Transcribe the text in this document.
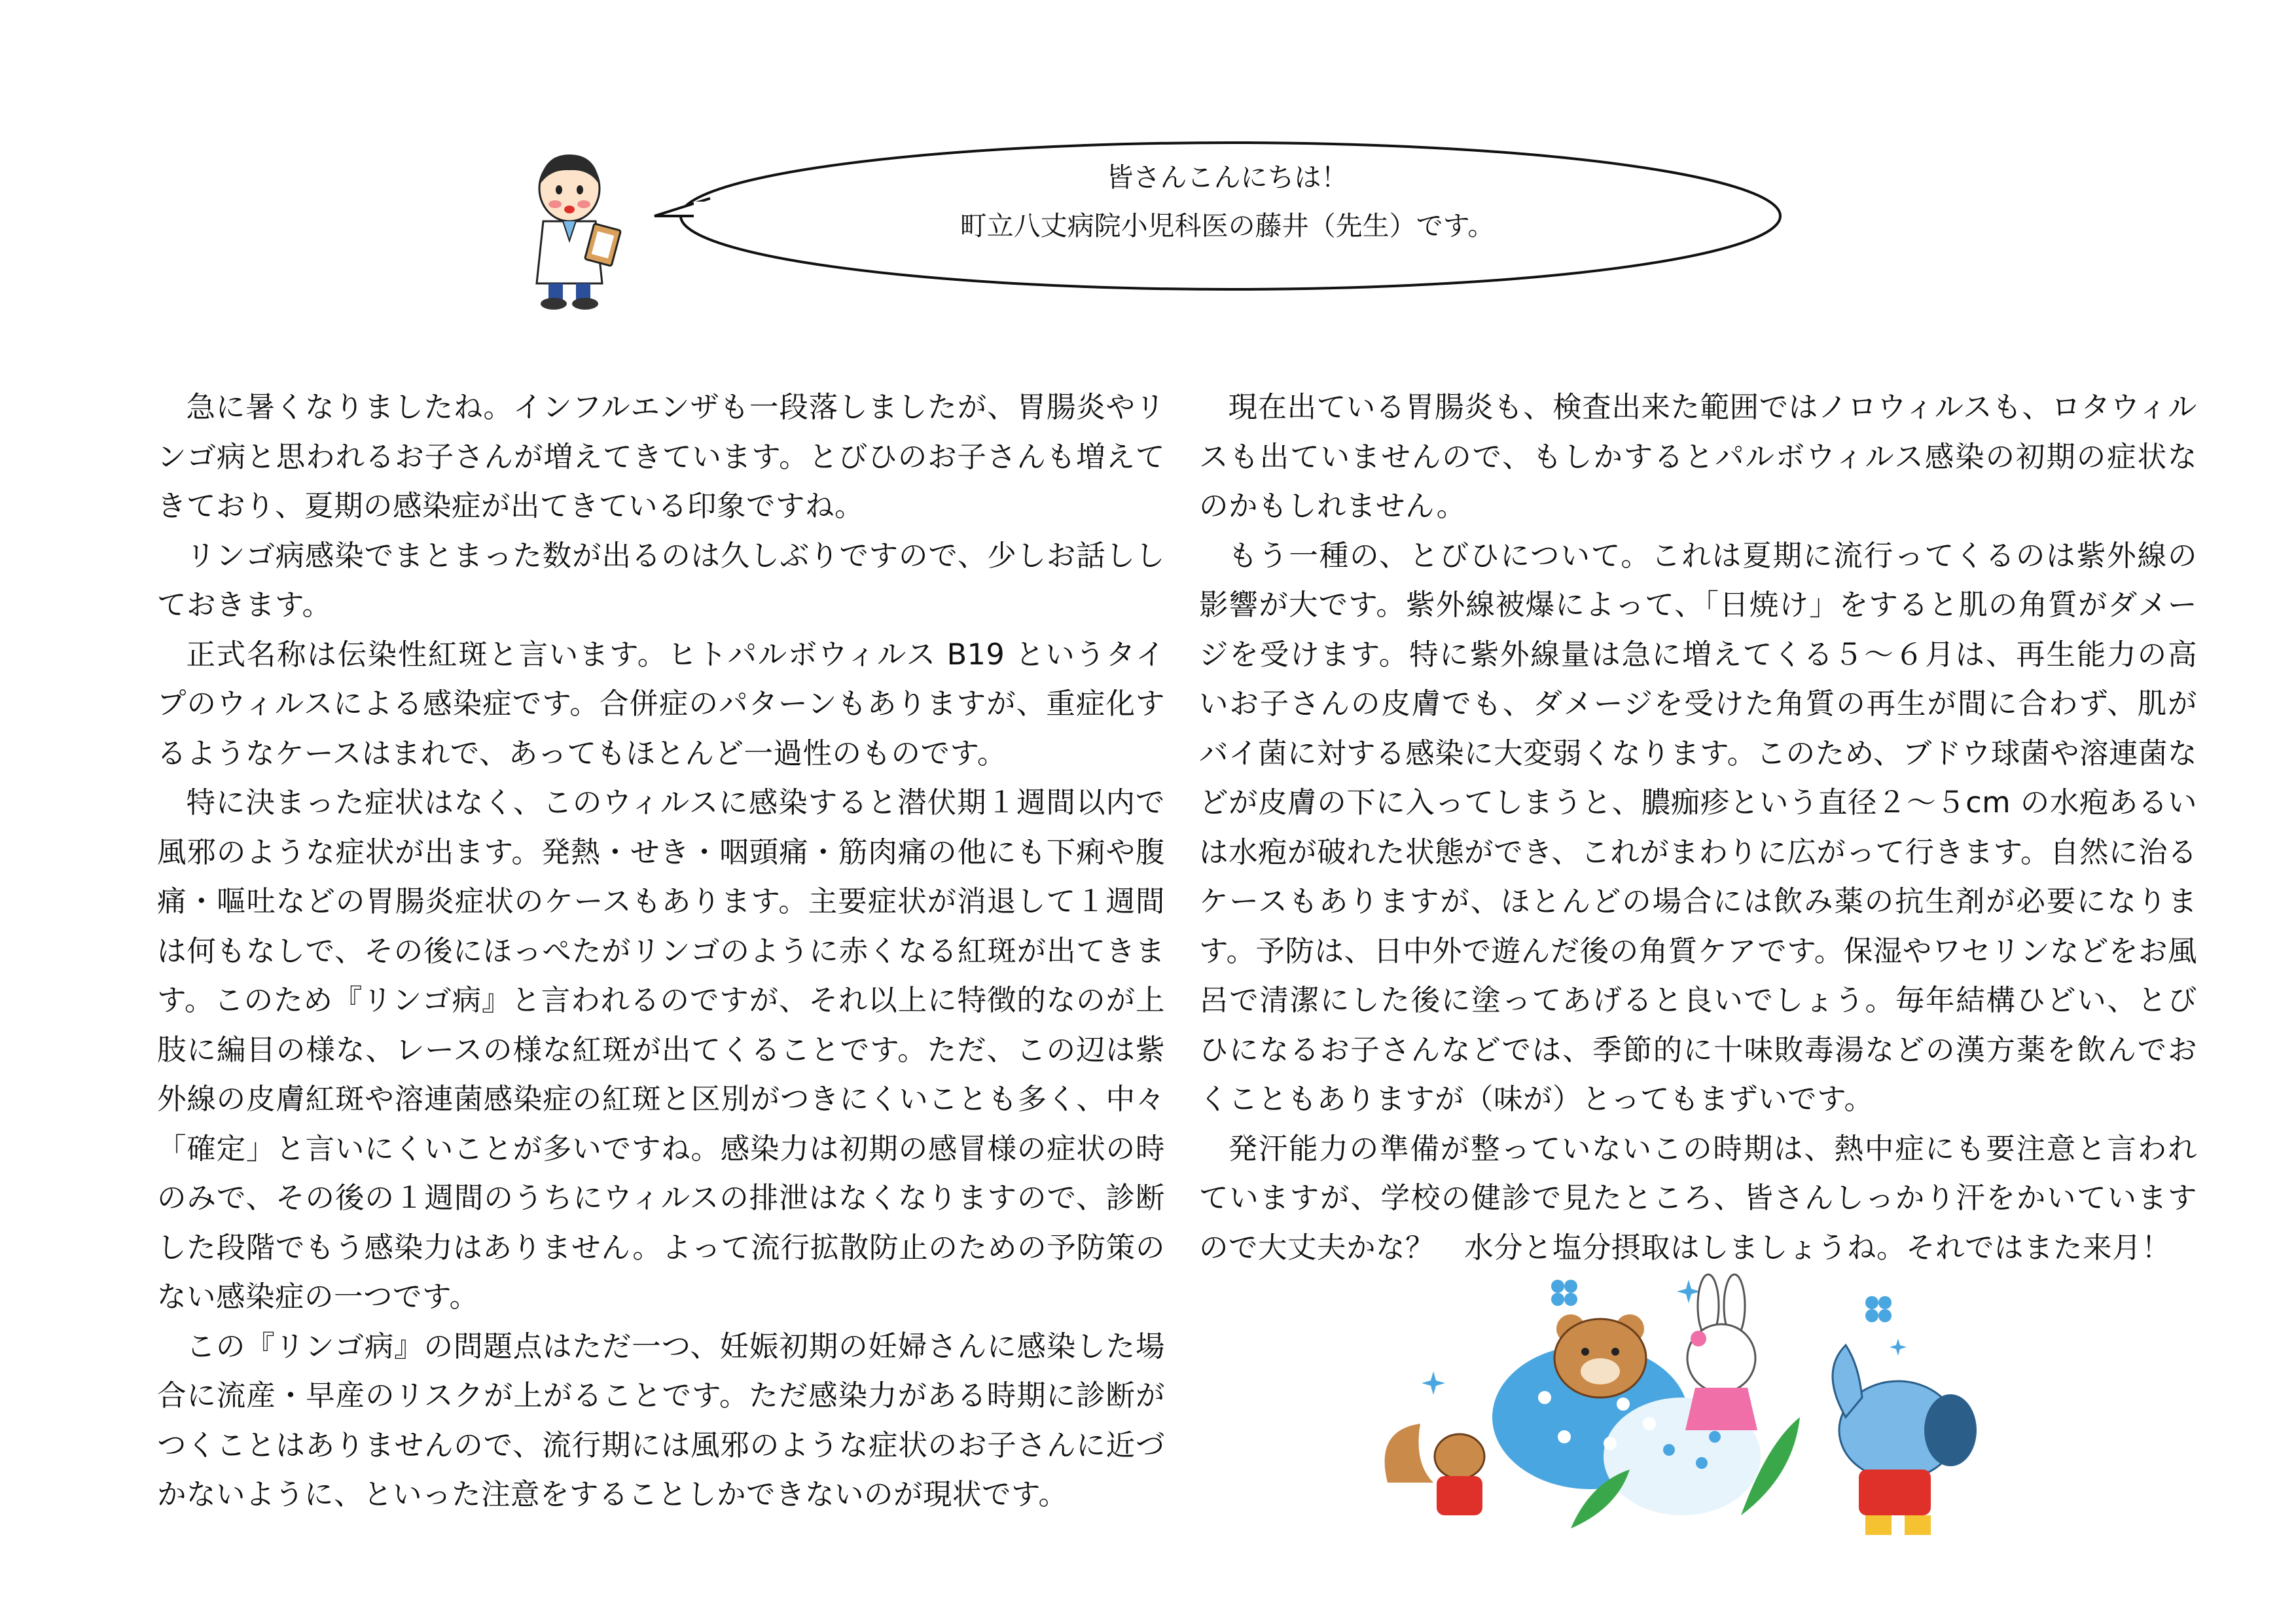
皆さんこんにちは！
町立八丈病院小児科医の藤井（先生）です。

急に暑くなりましたね。インフルエンザも一段落しましたが、胃腸炎やリンゴ病と思われるお子さんが増えてきています。とびひのお子さんも増えてきており、夏期の感染症が出てきている印象ですね。

リンゴ病感染でまとまった数が出るのは久しぶりですので、少しお話ししておきます。

正式名称は伝染性紅斑と言います。ヒトパルボウィルス B19 というタイプのウィルスによる感染症です。合併症のパターンもありますが、重症化するようなケースはまれで、あってもほとんど一過性のものです。

特に決まった症状はなく、このウィルスに感染すると潜伏期１週間以内で風邪のような症状が出ます。発熱・せき・咽頭痛・筋肉痛の他にも下痢や腹痛・嘔吐などの胃腸炎症状のケースもあります。主要症状が消退して１週間は何もなしで、その後にほっぺたがリンゴのように赤くなる紅斑が出てきます。このため『リンゴ病』と言われるのですが、それ以上に特徴的なのが上肢に編目の様な、レースの様な紅斑が出てくることです。ただ、この辺は紫外線の皮膚紅斑や溶連菌感染症の紅斑と区別がつきにくいことも多く、中々「確定」と言いにくいことが多いですね。感染力は初期の感冒様の症状の時のみで、その後の１週間のうちにウィルスの排泄はなくなりますので、診断した段階でもう感染力はありません。よって流行拡散防止のための予防策のない感染症の一つです。

この『リンゴ病』の問題点はただ一つ、妊娠初期の妊婦さんに感染した場合に流産・早産のリスクが上がることです。ただ感染力がある時期に診断がつくことはありませんので、流行期には風邪のような症状のお子さんに近づかないように、といった注意をすることしかできないのが現状です。

現在出ている胃腸炎も、検査出来た範囲ではノロウィルスも、ロタウィルスも出ていませんので、もしかするとパルボウィルス感染の初期の症状なのかもしれません。

もう一種の、とびひについて。これは夏期に流行ってくるのは紫外線の影響が大です。紫外線被爆によって、「日焼け」をすると肌の角質がダメージを受けます。特に紫外線量は急に増えてくる５～６月は、再生能力の高いお子さんの皮膚でも、ダメージを受けた角質の再生が間に合わず、肌がバイ菌に対する感染に大変弱くなります。このため、ブドウ球菌や溶連菌などが皮膚の下に入ってしまうと、膿痂疹という直径２～５cm の水疱あるいは水疱が破れた状態ができ、これがまわりに広がって行きます。自然に治るケースもありますが、ほとんどの場合には飲み薬の抗生剤が必要になります。予防は、日中外で遊んだ後の角質ケアです。保湿やワセリンなどをお風呂で清潔にした後に塗ってあげると良いでしょう。毎年結構ひどい、とびひになるお子さんなどでは、季節的に十味敗毒湯などの漢方薬を飲んでおくこともありますが（味が）とってもまずいです。

発汗能力の準備が整っていないこの時期は、熱中症にも要注意と言われていますが、学校の健診で見たところ、皆さんしっかり汗をかいていますので大丈夫かな？　水分と塩分摂取はしましょうね。それではまた来月！
